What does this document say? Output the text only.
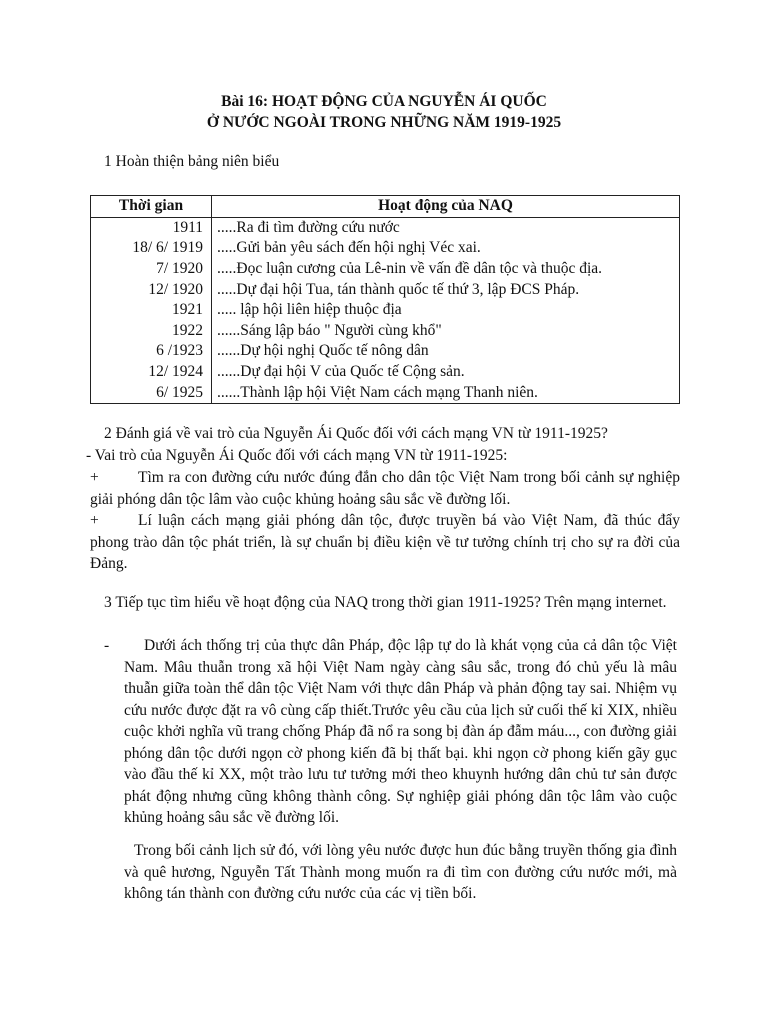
Bài 16: HOẠT ĐỘNG CỦA NGUYỄN ÁI QUỐC
Ở NƯỚC NGOÀI TRONG NHỮNG NĂM 1919-1925
1 Hoàn thiện bảng niên biểu
Thời gian	Hoạt động của NAQ
1911	.....Ra đi tìm đường cứu nước
18/ 6/ 1919	.....Gửi bản yêu sách đến hội nghị Véc xai.
7/ 1920	.....Đọc luận cương của Lê-nin về vấn đề dân tộc và thuộc địa.
12/ 1920	.....Dự đại hội Tua, tán thành quốc tế thứ 3, lập ĐCS Pháp.
1921	..... lập hội liên hiệp thuộc địa
1922	......Sáng lập báo " Người cùng khổ"
6 /1923	......Dự hội nghị Quốc tế nông dân
12/ 1924	......Dự đại hội V của Quốc tế Cộng sản.
6/ 1925	......Thành lập hội Việt Nam cách mạng Thanh niên.
2 Đánh giá về vai trò của Nguyễn Ái Quốc đối với cách mạng VN từ 1911-1925?
- Vai trò của Nguyễn Ái Quốc đối với cách mạng VN từ 1911-1925:
+	Tìm ra con đường cứu nước đúng đắn cho dân tộc Việt Nam trong bối cảnh sự nghiệp giải phóng dân tộc lâm vào cuộc khủng hoảng sâu sắc về đường lối.
+	Lí luận cách mạng giải phóng dân tộc, được truyền bá vào Việt Nam, đã thúc đẩy phong trào dân tộc phát triển, là sự chuẩn bị điều kiện về tư tưởng chính trị cho sự ra đời của Đảng.
3 Tiếp tục tìm hiểu về hoạt động của NAQ trong thời gian 1911-1925? Trên mạng internet.
-	Dưới ách thống trị của thực dân Pháp, độc lập tự do là khát vọng của cả dân tộc Việt Nam. Mâu thuẫn trong xã hội Việt Nam ngày càng sâu sắc, trong đó chủ yếu là mâu thuẫn giữa toàn thể dân tộc Việt Nam với thực dân Pháp và phản động tay sai. Nhiệm vụ cứu nước được đặt ra vô cùng cấp thiết.Trước yêu cầu của lịch sử cuối thế kỉ XIX, nhiều cuộc khởi nghĩa vũ trang chống Pháp đã nổ ra song bị đàn áp đẫm máu..., con đường giải phóng dân tộc dưới ngọn cờ phong kiến đã bị thất bại. khi ngọn cờ phong kiến gãy gục vào đầu thế kỉ XX, một trào lưu tư tưởng mới theo khuynh hướng dân chủ tư sản được phát động nhưng cũng không thành công. Sự nghiệp giải phóng dân tộc lâm vào cuộc khủng hoảng sâu sắc về đường lối.
Trong bối cảnh lịch sử đó, với lòng yêu nước được hun đúc bằng truyền thống gia đình và quê hương, Nguyễn Tất Thành mong muốn ra đi tìm con đường cứu nước mới, mà không tán thành con đường cứu nước của các vị tiền bối.
